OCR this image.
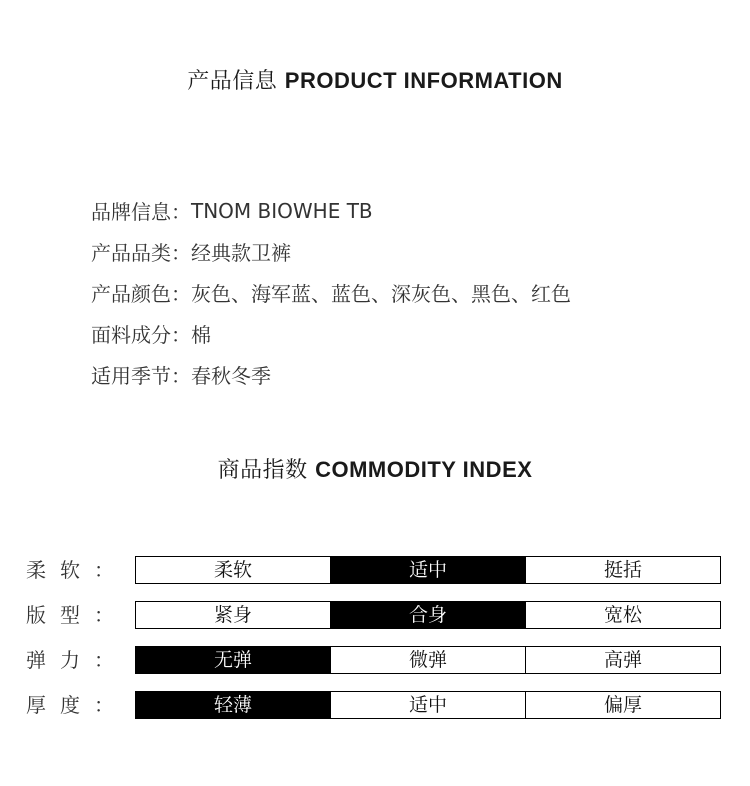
产品信息 PRODUCT INFORMATION
品牌信息： TNOM BIOWHE TB
产品品类： 经典款卫裤
产品颜色： 灰色、海军蓝、蓝色、深灰色、黑色、红色
面料成分： 棉
适用季节： 春秋冬季
商品指数 COMMODITY INDEX
柔软：	柔软	适中	挺括
版型：	紧身	合身	宽松
弹力：	无弹	微弹	高弹
厚度：	轻薄	适中	偏厚
